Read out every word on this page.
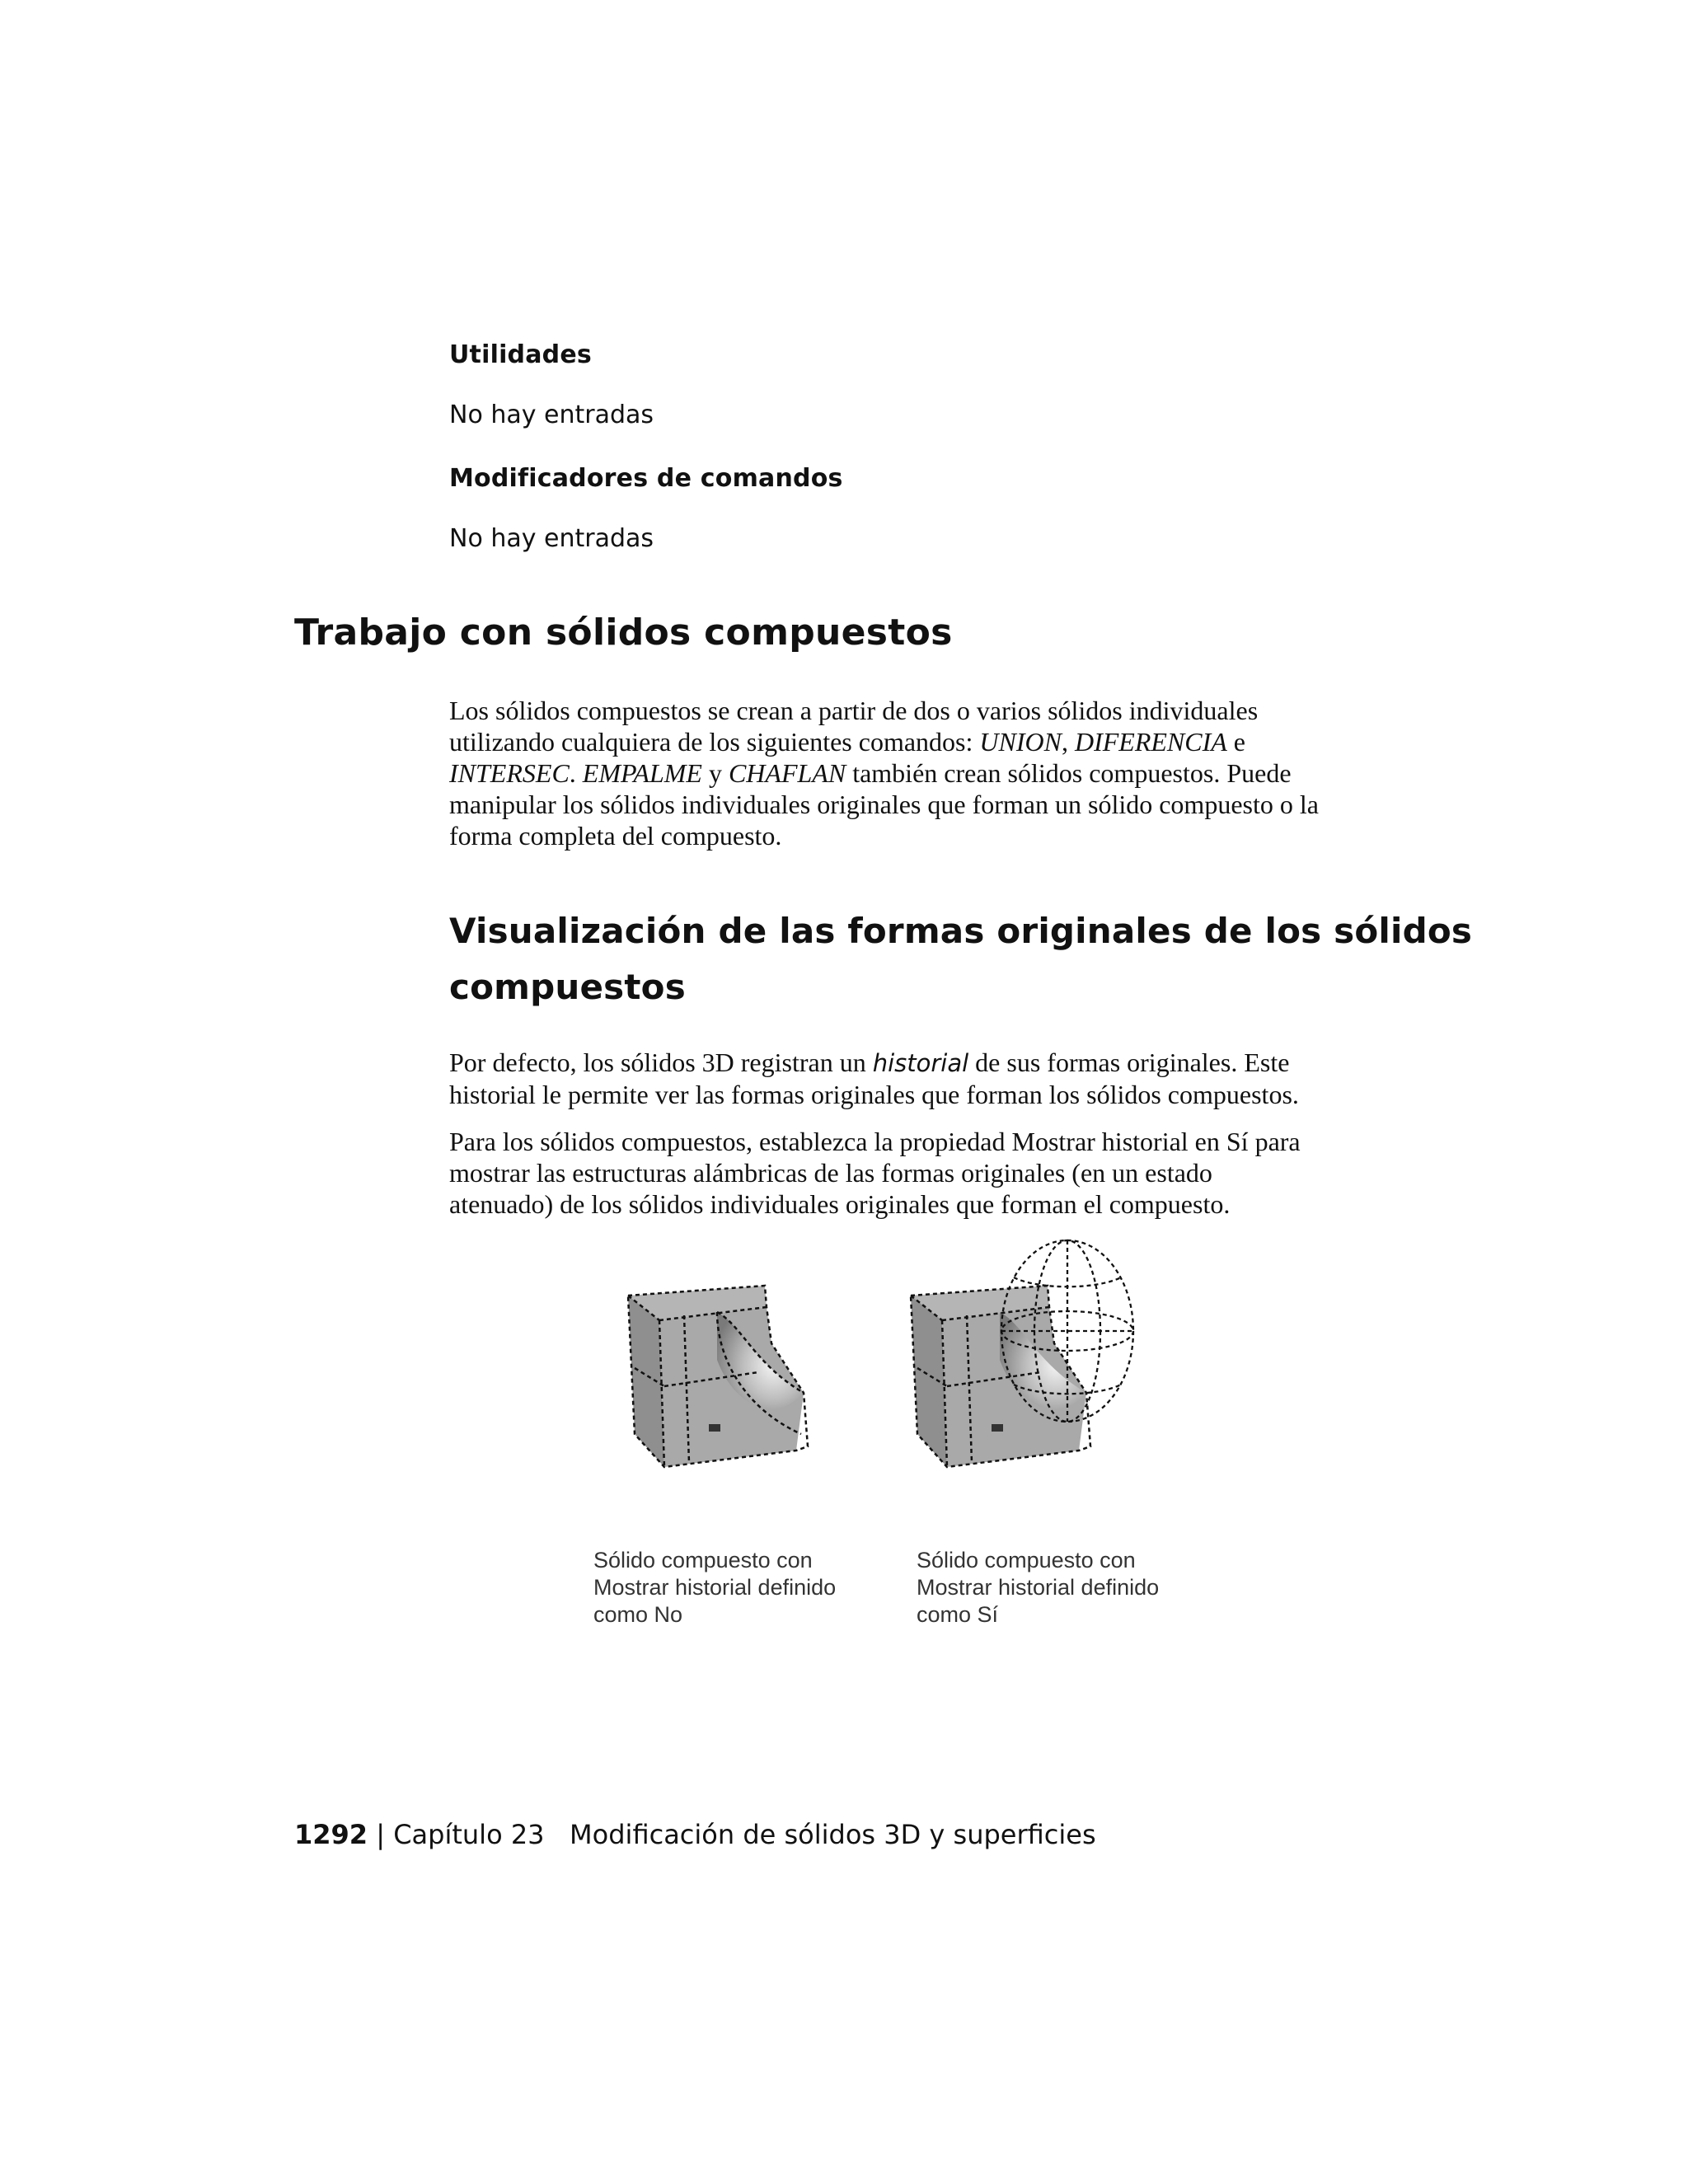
Utilidades
No hay entradas
Modificadores de comandos
No hay entradas
Trabajo con sólidos compuestos

Los sólidos compuestos se crean a partir de dos o varios sólidos individuales utilizando cualquiera de los siguientes comandos: UNION, DIFERENCIA e INTERSEC. EMPALME y CHAFLAN también crean sólidos compuestos. Puede manipular los sólidos individuales originales que forman un sólido compuesto o la forma completa del compuesto.

Visualización de las formas originales de los sólidos
compuestos

Por defecto, los sólidos 3D registran un historial de sus formas originales. Este historial le permite ver las formas originales que forman los sólidos compuestos.

Para los sólidos compuestos, establezca la propiedad Mostrar historial en Sí para mostrar las estructuras alámbricas de las formas originales (en un estado atenuado) de los sólidos individuales originales que forman el compuesto.

Sólido compuesto con
Mostrar historial definido
como No
Sólido compuesto con
Mostrar historial definido
como Sí
1292 | Capítulo 23 Modificación de sólidos 3D y superficies
